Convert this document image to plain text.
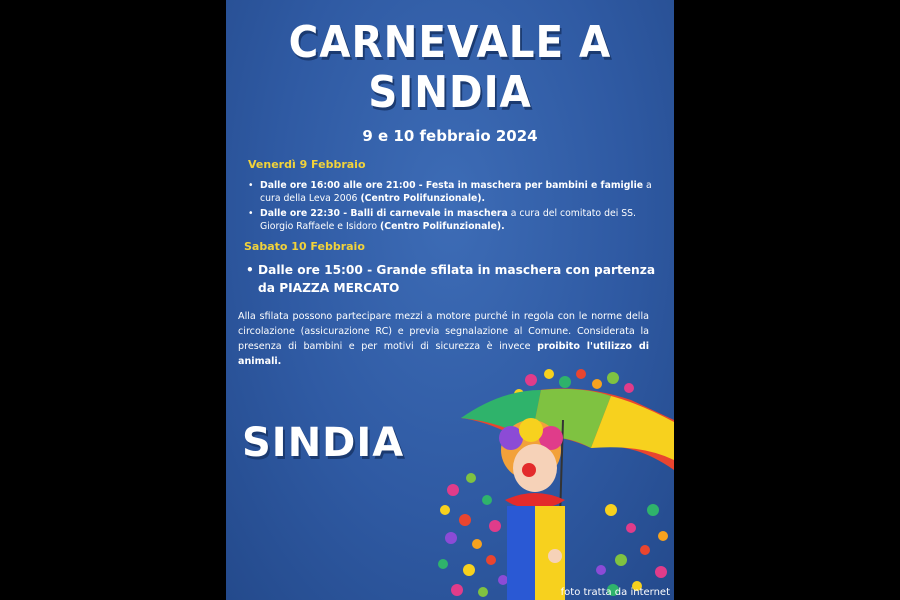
CARNEVALE A
SINDIA
9 e 10 febbraio 2024
Venerdì 9 Febbraio
• Dalle ore 16:00 alle ore 21:00 - Festa in maschera per bambini e famiglie a cura della Leva 2006 (Centro Polifunzionale).
• Dalle ore 22:30 - Balli di carnevale in maschera a cura del comitato dei SS. Giorgio Raffaele e Isidoro (Centro Polifunzionale).
Sabato 10 Febbraio
• Dalle ore 15:00 - Grande sfilata in maschera con partenza da PIAZZA MERCATO
Alla sfilata possono partecipare mezzi a motore purché in regola con le norme della circolazione (assicurazione RC) e previa segnalazione al Comune. Considerata la presenza di bambini e per motivi di sicurezza è invece proibito l'utilizzo di animali.
SINDIA
foto tratta da internet
